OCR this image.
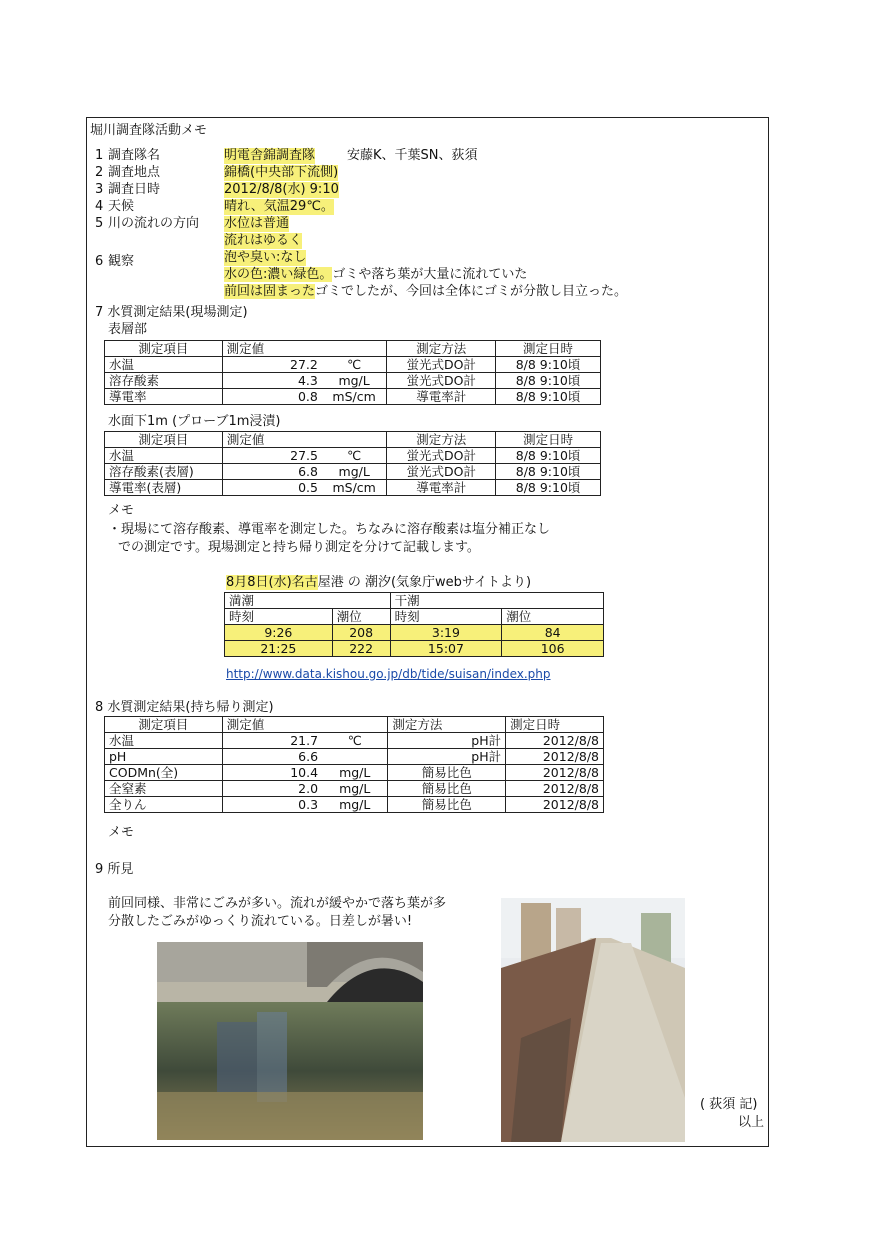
堀川調査隊活動メモ
1 調査隊名	明電舎錦調査隊 安藤K、千葉SN、荻須
2 調査地点	錦橋(中央部下流側)
3 調査日時	2012/8/8(水) 9:10
4 天候	晴れ、気温29℃。
5 川の流れの方向 水位は普通
流れはゆるく
6 観察	泡や臭い:なし
水の色:濃い緑色。ゴミや落ち葉が大量に流れていた
前回は固まったゴミでしたが、今回は全体にゴミが分散し目立った。
7 水質測定結果(現場測定)
表層部
測定項目	測定値		測定方法	測定日時
水温	27.2	℃	蛍光式DO計	8/8 9:10頃
溶存酸素	4.3	mg/L	蛍光式DO計	8/8 9:10頃
導電率	0.8	mS/cm	導電率計	8/8 9:10頃
水面下1m (プローブ1m浸漬)
測定項目	測定値		測定方法	測定日時
水温	27.5	℃	蛍光式DO計	8/8 9:10頃
溶存酸素(表層)	6.8	mg/L	蛍光式DO計	8/8 9:10頃
導電率(表層)	0.5	mS/cm	導電率計	8/8 9:10頃
メモ
・現場にて溶存酸素、導電率を測定した。ちなみに溶存酸素は塩分補正なし
での測定です。現場測定と持ち帰り測定を分けて記載します。
8月8日(水)名古屋港 の 潮汐(気象庁webサイトより)
満潮		干潮	
時刻	潮位	時刻	潮位
9:26	208	3:19	84
21:25	222	15:07	106
http://www.data.kishou.go.jp/db/tide/suisan/index.php
8 水質測定結果(持ち帰り測定)
測定項目	測定値		測定方法	測定日時
水温	21.7	℃	pH計	2012/8/8
pH	6.6		pH計	2012/8/8
CODMn(全)	10.4	mg/L	簡易比色	2012/8/8
全窒素	2.0	mg/L	簡易比色	2012/8/8
全りん	0.3	mg/L	簡易比色	2012/8/8
メモ
9 所見
前回同様、非常にごみが多い。流れが緩やかで落ち葉が多
分散したごみがゆっくり流れている。日差しが暑い!
( 荻須 記)
以上
